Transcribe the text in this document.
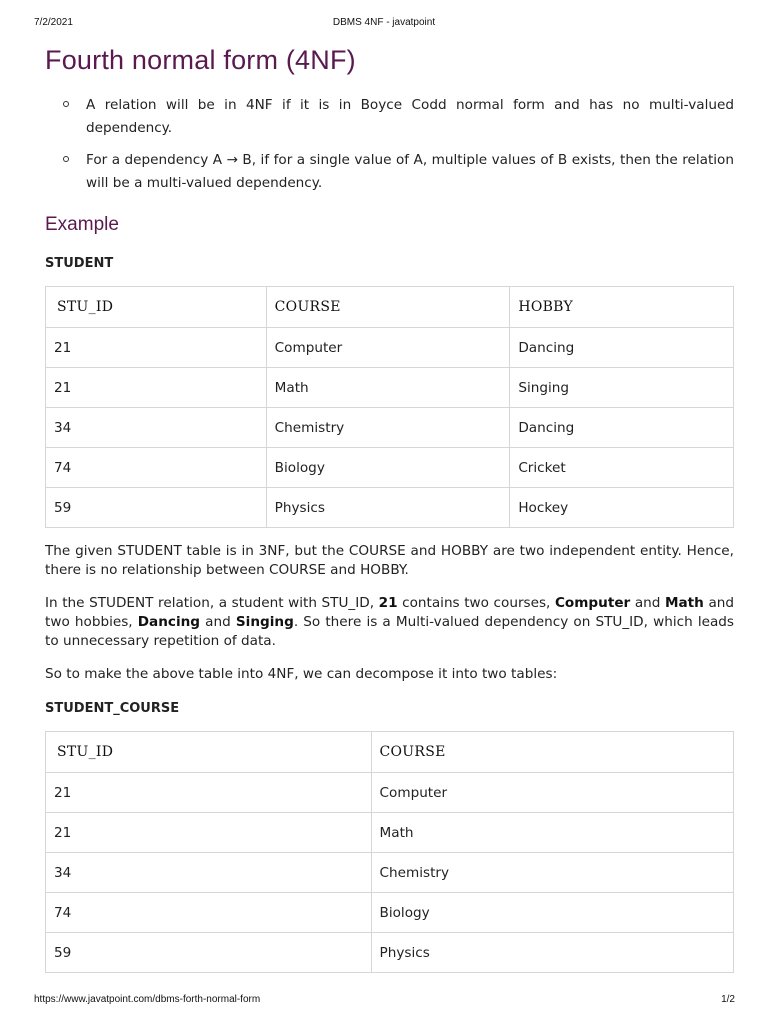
7/2/2021	DBMS 4NF - javatpoint
Fourth normal form (4NF)
A relation will be in 4NF if it is in Boyce Codd normal form and has no multi-valued dependency.
For a dependency A → B, if for a single value of A, multiple values of B exists, then the relation will be a multi-valued dependency.
Example
STUDENT
STU_ID	COURSE	HOBBY
21	Computer	Dancing
21	Math	Singing
34	Chemistry	Dancing
74	Biology	Cricket
59	Physics	Hockey

The given STUDENT table is in 3NF, but the COURSE and HOBBY are two independent entity. Hence, there is no relationship between COURSE and HOBBY.

In the STUDENT relation, a student with STU_ID, 21 contains two courses, Computer and Math and two hobbies, Dancing and Singing. So there is a Multi-valued dependency on STU_ID, which leads to unnecessary repetition of data.

So to make the above table into 4NF, we can decompose it into two tables:

STUDENT_COURSE
STU_ID	COURSE
21	Computer
21	Math
34	Chemistry
74	Biology
59	Physics
https://www.javatpoint.com/dbms-forth-normal-form	1/2
